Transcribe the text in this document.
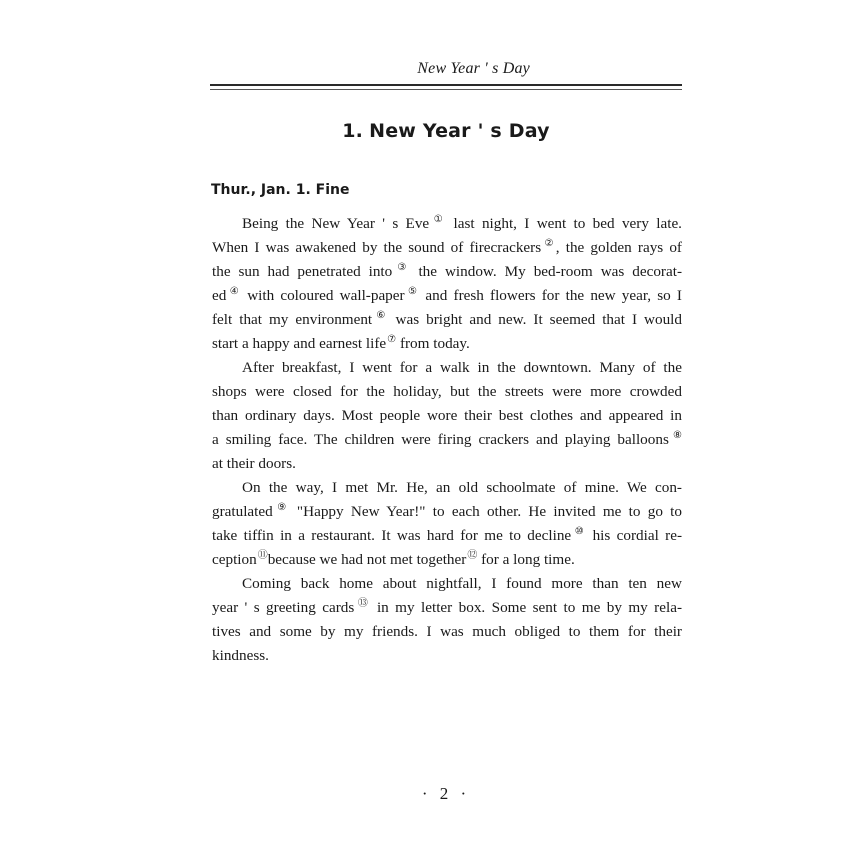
New Year ' s Day
1. New Year ' s Day
Thur., Jan. 1. Fine
Being the New Year ' s Eve① last night, I went to bed very late.
When I was awakened by the sound of firecrackers②, the golden rays of
the sun had penetrated into③ the window. My bed-room was decorat-
ed④ with coloured wall-paper⑤ and fresh flowers for the new year, so I
felt that my environment⑥ was bright and new. It seemed that I would
start a happy and earnest life⑦ from today.
After breakfast, I went for a walk in the downtown. Many of the
shops were closed for the holiday, but the streets were more crowded
than ordinary days. Most people wore their best clothes and appeared in
a smiling face. The children were firing crackers and playing balloons⑧
at their doors.
On the way, I met Mr. He, an old schoolmate of mine. We con-
gratulated⑨ "Happy New Year!" to each other. He invited me to go to
take tiffin in a restaurant. It was hard for me to decline⑩ his cordial re-
ception⑪because we had not met together⑫ for a long time.
Coming back home about nightfall, I found more than ten new
year ' s greeting cards⑬ in my letter box. Some sent to me by my rela-
tives and some by my friends. I was much obliged to them for their
kindness.
· 2 ·
